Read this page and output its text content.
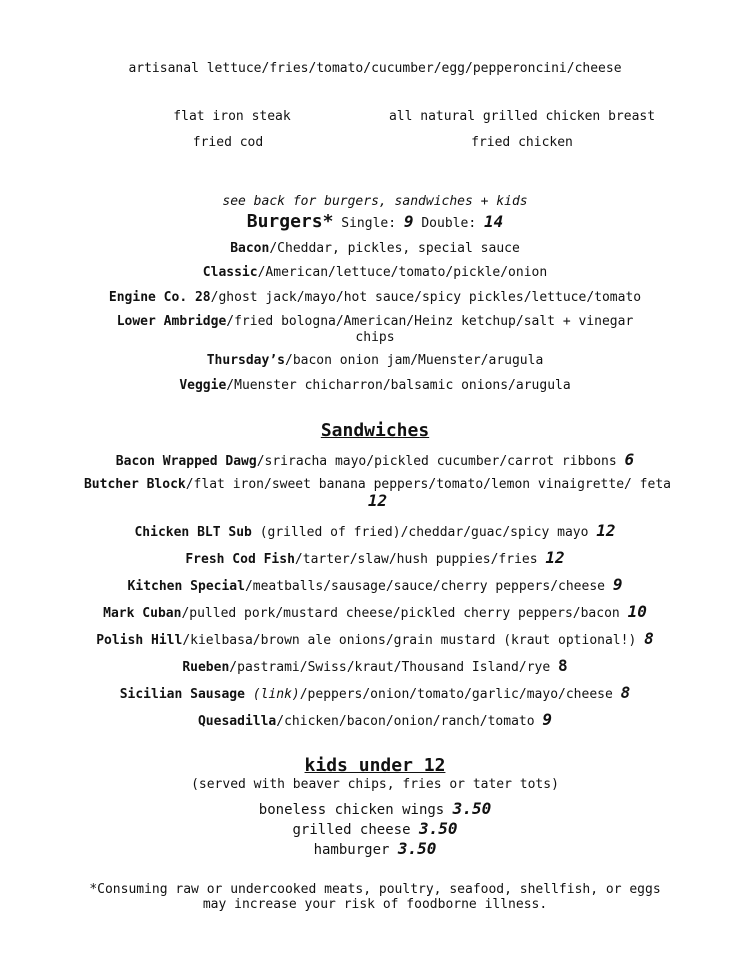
artisanal lettuce/fries/tomato/cucumber/egg/pepperoncini/cheese
flat iron steak	all natural grilled chicken breast
fried cod	fried chicken
see back for burgers, sandwiches + kids
Burgers* Single: 9 Double: 14
Bacon/Cheddar, pickles, special sauce
Classic/American/lettuce/tomato/pickle/onion
Engine Co. 28/ghost jack/mayo/hot sauce/spicy pickles/lettuce/tomato
Lower Ambridge/fried bologna/American/Heinz ketchup/salt + vinegar chips
Thursday’s/bacon onion jam/Muenster/arugula
Veggie/Muenster chicharron/balsamic onions/arugula
Sandwiches
Bacon Wrapped Dawg/sriracha mayo/pickled cucumber/carrot ribbons 6
Butcher Block/flat iron/sweet banana peppers/tomato/lemon vinaigrette/ feta 12
Chicken BLT Sub (grilled of fried)/cheddar/guac/spicy mayo 12
Fresh Cod Fish/tarter/slaw/hush puppies/fries 12
Kitchen Special/meatballs/sausage/sauce/cherry peppers/cheese 9
Mark Cuban/pulled pork/mustard cheese/pickled cherry peppers/bacon 10
Polish Hill/kielbasa/brown ale onions/grain mustard (kraut optional!) 8
Rueben/pastrami/Swiss/kraut/Thousand Island/rye 8
Sicilian Sausage (link)/peppers/onion/tomato/garlic/mayo/cheese 8
Quesadilla/chicken/bacon/onion/ranch/tomato 9
kids under 12
(served with beaver chips, fries or tater tots)
boneless chicken wings 3.50
grilled cheese 3.50
hamburger 3.50
*Consuming raw or undercooked meats, poultry, seafood, shellfish, or eggs
may increase your risk of foodborne illness.
